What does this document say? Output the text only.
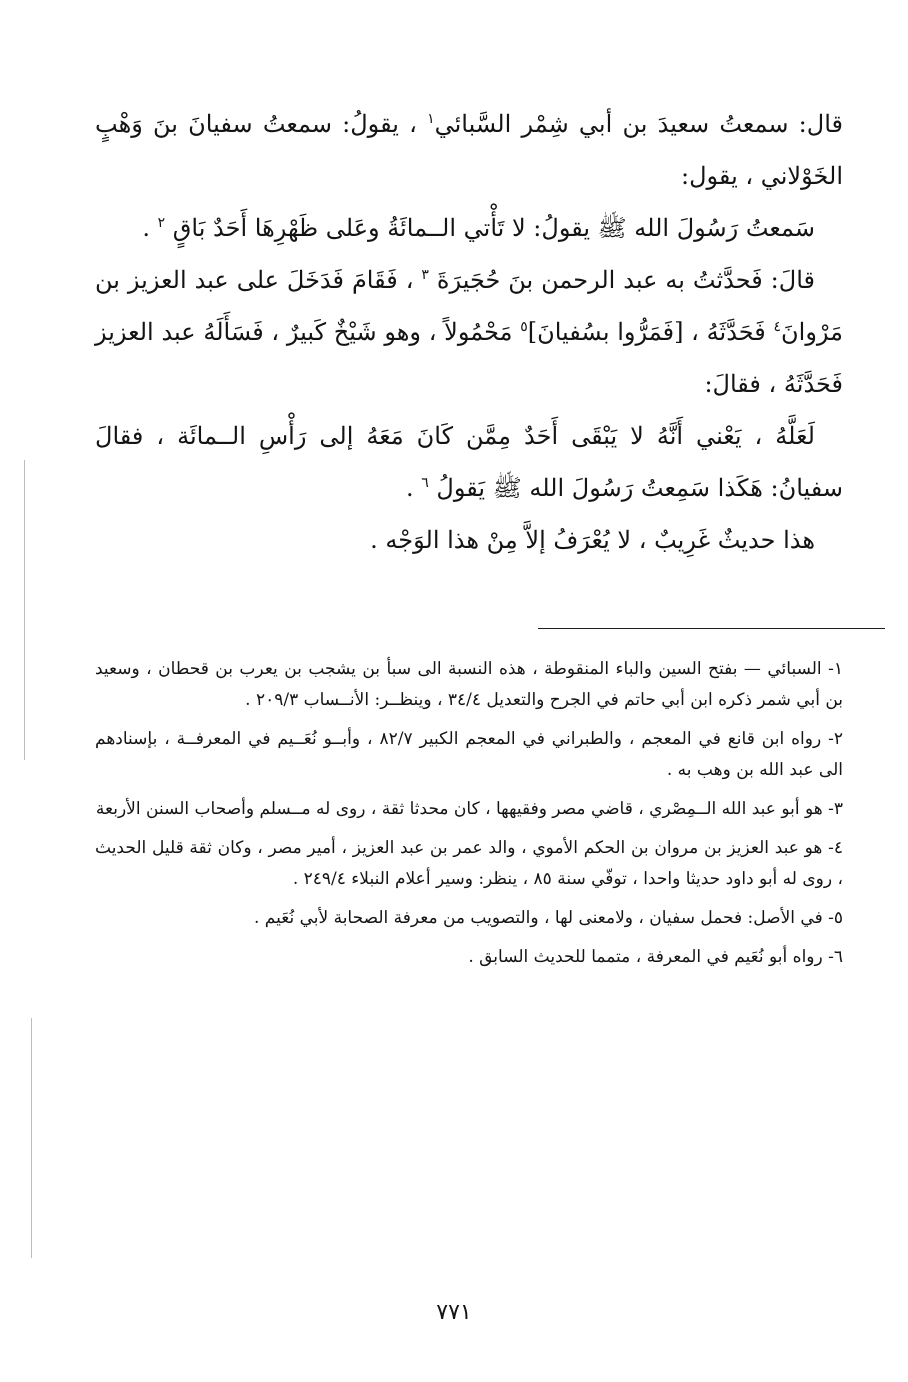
قال: سمعتُ سعيدَ بن أبي شِمْر السَّبائي$^١$ ، يقولُ: سمعتُ سفيانَ بنَ وَهْبٍ الخَوْلاني ، يقول:

سَمعتُ رَسُولَ الله ﷺ يقولُ: لا تَأْتي الــمائَةُ وعَلى ظَهْرِهَا أَحَدٌ بَاقٍ $^٢$ .

قالَ: فَحدَّثتُ به عبد الرحمن بنَ حُجَيرَةَ $^٣$ ، فَقَامَ فَدَخَلَ على عبد العزيز بن مَرْوانَ$^٤$ فَحَدَّثَهُ ، [فَمَرُّوا بسُفيانَ]$^٥$ مَحْمُولاً ، وهو شَيْخٌ كَبيرٌ ، فَسَأَلَهُ عبد العزيز فَحَدَّثَهُ ، فقالَ:

لَعَلَّهُ ، يَعْني أَنَّهُ لا يَبْقَى أَحَدٌ مِمَّن كَانَ مَعَهُ إلى رَأْسِ الــمائَة ، فقالَ سفيانُ: هَكَذا سَمِعتُ رَسُولَ الله ﷺ يَقولُ $^٦$ .

هذا حديثٌ غَرِيبٌ ، لا يُعْرَفُ إلاَّ مِنْ هذا الوَجْه .

١- السبائي — بفتح السين والباء المنقوطة ، هذه النسبة الى سبأ بن يشجب بن يعرب بن قحطان ، وسعيد بن أبي شمر ذكره ابن أبي حاتم في الجرح والتعديل ٣٤/٤ ، وينظــر: الأنــساب ٢٠٩/٣ .

٢- رواه ابن قانع في المعجم ، والطبراني في المعجم الكبير ٨٢/٧ ، وأبــو نُعَــيم في المعرفــة ، بإسنادهم الى عبد الله بن وهب به .

٣- هو أبو عبد الله الــمِصْري ، قاضي مصر وفقيهها ، كان محدثا ثقة ، روى له مــسلم وأصحاب السنن الأربعة

٤- هو عبد العزيز بن مروان بن الحكم الأموي ، والد عمر بن عبد العزيز ، أمير مصر ، وكان ثقة قليل الحديث ، روى له أبو داود حديثا واحدا ، توفّي سنة ٨٥ ، ينظر: وسير أعلام النبلاء ٢٤٩/٤ .

٥- في الأصل: فحمل سفيان ، ولامعنى لها ، والتصويب من معرفة الصحابة لأبي نُعَيم .

٦- رواه أبو نُعَيم في المعرفة ، متمما للحديث السابق .

٧٧١
